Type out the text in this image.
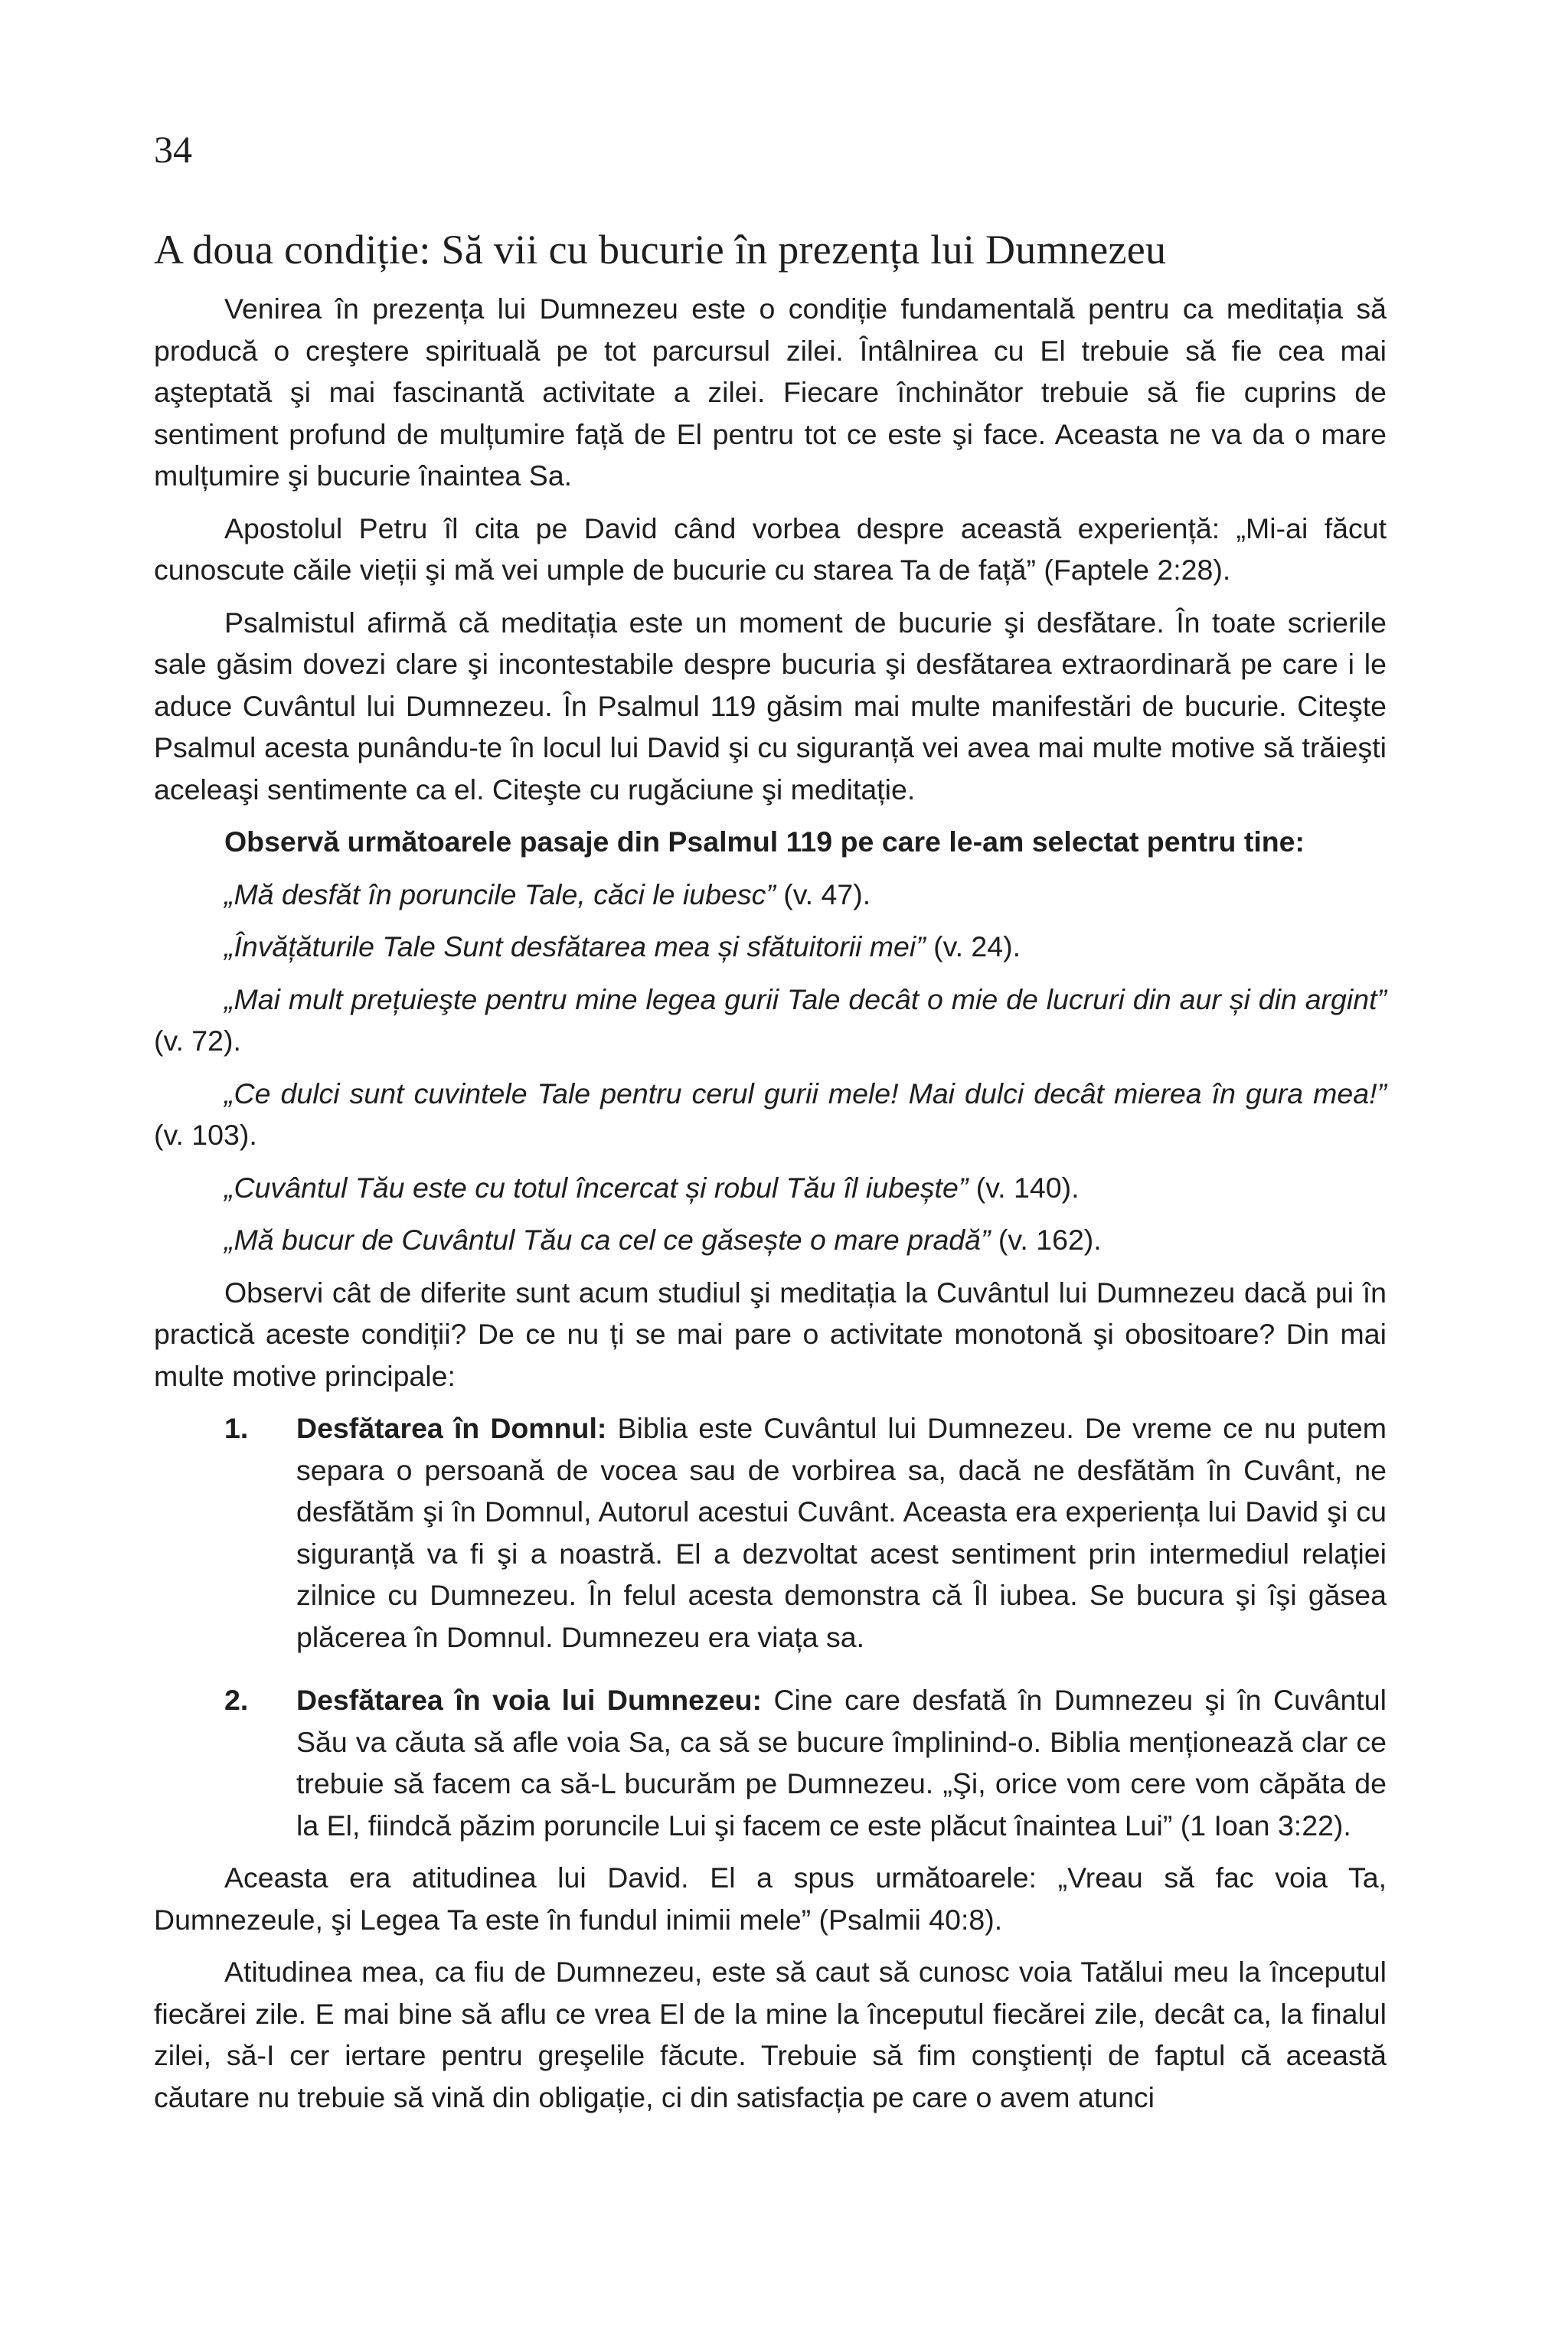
34
A doua condiție: Să vii cu bucurie în prezența lui Dumnezeu

Venirea în prezența lui Dumnezeu este o condiție fundamentală pentru ca meditația să producă o creştere spirituală pe tot parcursul zilei. Întâlnirea cu El trebuie să fie cea mai aşteptată şi mai fascinantă activitate a zilei. Fiecare închinător trebuie să fie cuprins de sentiment profund de mulțumire față de El pentru tot ce este şi face. Aceasta ne va da o mare mulțumire şi bucurie înaintea Sa.

Apostolul Petru îl cita pe David când vorbea despre această experiență: „Mi-ai făcut cunoscute căile vieții şi mă vei umple de bucurie cu starea Ta de față” (Faptele 2:28).

Psalmistul afirmă că meditația este un moment de bucurie şi desfătare. În toate scrierile sale găsim dovezi clare şi incontestabile despre bucuria şi desfătarea extraordinară pe care i le aduce Cuvântul lui Dumnezeu. În Psalmul 119 găsim mai multe manifestări de bucurie. Citeşte Psalmul acesta punându-te în locul lui David şi cu siguranță vei avea mai multe motive să trăieşti aceleaşi sentimente ca el. Citeşte cu rugăciune şi meditație.

Observă următoarele pasaje din Psalmul 119 pe care le-am selectat pentru tine:

„Mă desfăt în poruncile Tale, căci le iubesc” (v. 47).

„Învățăturile Tale Sunt desfătarea mea și sfătuitorii mei” (v. 24).

„Mai mult prețuieşte pentru mine legea gurii Tale decât o mie de lucruri din aur și din argint” (v. 72).

„Ce dulci sunt cuvintele Tale pentru cerul gurii mele! Mai dulci decât mierea în gura mea!” (v. 103).

„Cuvântul Tău este cu totul încercat și robul Tău îl iubește” (v. 140).

„Mă bucur de Cuvântul Tău ca cel ce găsește o mare pradă” (v. 162).

Observi cât de diferite sunt acum studiul şi meditația la Cuvântul lui Dumnezeu dacă pui în practică aceste condiții? De ce nu ți se mai pare o activitate monotonă şi obositoare? Din mai multe motive principale:

1. Desfătarea în Domnul: Biblia este Cuvântul lui Dumnezeu. De vreme ce nu putem separa o persoană de vocea sau de vorbirea sa, dacă ne desfătăm în Cuvânt, ne desfătăm şi în Domnul, Autorul acestui Cuvânt. Aceasta era experiența lui David şi cu siguranță va fi şi a noastră. El a dezvoltat acest sentiment prin intermediul relației zilnice cu Dumnezeu. În felul acesta demonstra că Îl iubea. Se bucura şi îşi găsea plăcerea în Domnul. Dumnezeu era viața sa.
2. Desfătarea în voia lui Dumnezeu: Cine care desfată în Dumnezeu şi în Cuvântul Său va căuta să afle voia Sa, ca să se bucure împlinind-o. Biblia menționează clar ce trebuie să facem ca să-L bucurăm pe Dumnezeu. „Şi, orice vom cere vom căpăta de la El, fiindcă păzim poruncile Lui şi facem ce este plăcut înaintea Lui” (1 Ioan 3:22).

Aceasta era atitudinea lui David. El a spus următoarele: „Vreau să fac voia Ta, Dumnezeule, şi Legea Ta este în fundul inimii mele” (Psalmii 40:8).

Atitudinea mea, ca fiu de Dumnezeu, este să caut să cunosc voia Tatălui meu la începutul fiecărei zile. E mai bine să aflu ce vrea El de la mine la începutul fiecărei zile, decât ca, la finalul zilei, să-I cer iertare pentru greşelile făcute. Trebuie să fim conştienți de faptul că această căutare nu trebuie să vină din obligație, ci din satisfacția pe care o avem atunci
